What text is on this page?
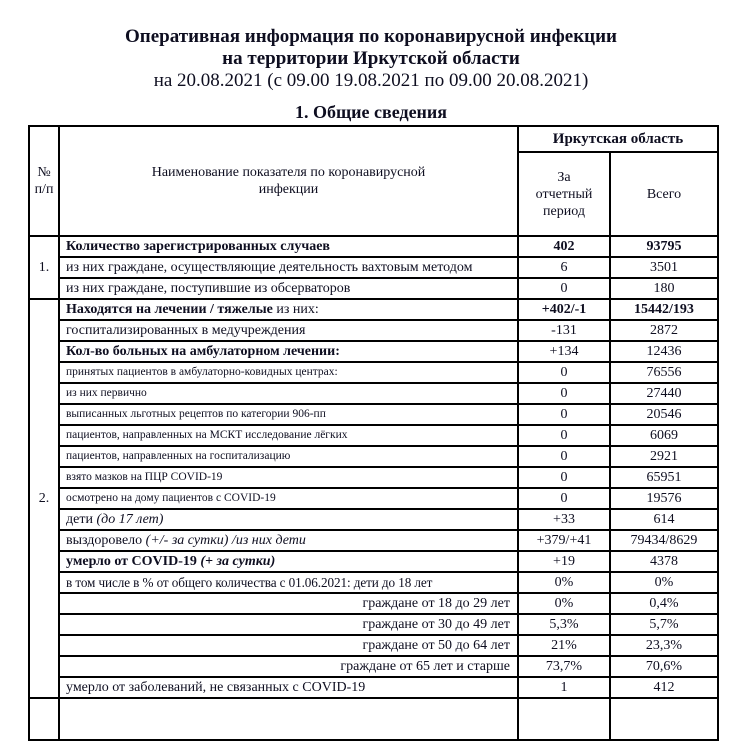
Оперативная информация по коронавирусной инфекции
на территории Иркутской области
на 20.08.2021 (с 09.00 19.08.2021 по 09.00 20.08.2021)
1. Общие сведения
№ п/п	Наименование показателя по коронавирусной инфекции	Иркутская область	
		За отчетный период	Всего
1.	Количество зарегистрированных случаев	402	93795
	из них граждане, осуществляющие деятельность вахтовым методом	6	3501
	из них граждане, поступившие из обсерваторов	0	180
2.	Находятся на лечении / тяжелые из них:	+402/-1	15442/193
	госпитализированных в медучреждения	-131	2872
	Кол-во больных на амбулаторном лечении:	+134	12436
	принятых пациентов в амбулаторно-ковидных центрах:	0	76556
	из них первично	0	27440
	выписанных льготных рецептов по категории 906-пп	0	20546
	пациентов, направленных на МСКТ исследование лёгких	0	6069
	пациентов, направленных на госпитализацию	0	2921
	взято мазков на ПЦР COVID-19	0	65951
	осмотрено на дому пациентов с COVID-19	0	19576
	дети (до 17 лет)	+33	614
	выздоровело (+/- за сутки) /из них дети	+379/+41	79434/8629
	умерло от COVID-19 (+ за сутки)	+19	4378
	в том числе в % от общего количества с 01.06.2021: дети до 18 лет	0%	0%
	граждане от 18 до 29 лет	0%	0,4%
	граждане от 30 до 49 лет	5,3%	5,7%
	граждане от 50 до 64 лет	21%	23,3%
	граждане от 65 лет и старше	73,7%	70,6%
	умерло от заболеваний, не связанных с COVID-19	1	412
